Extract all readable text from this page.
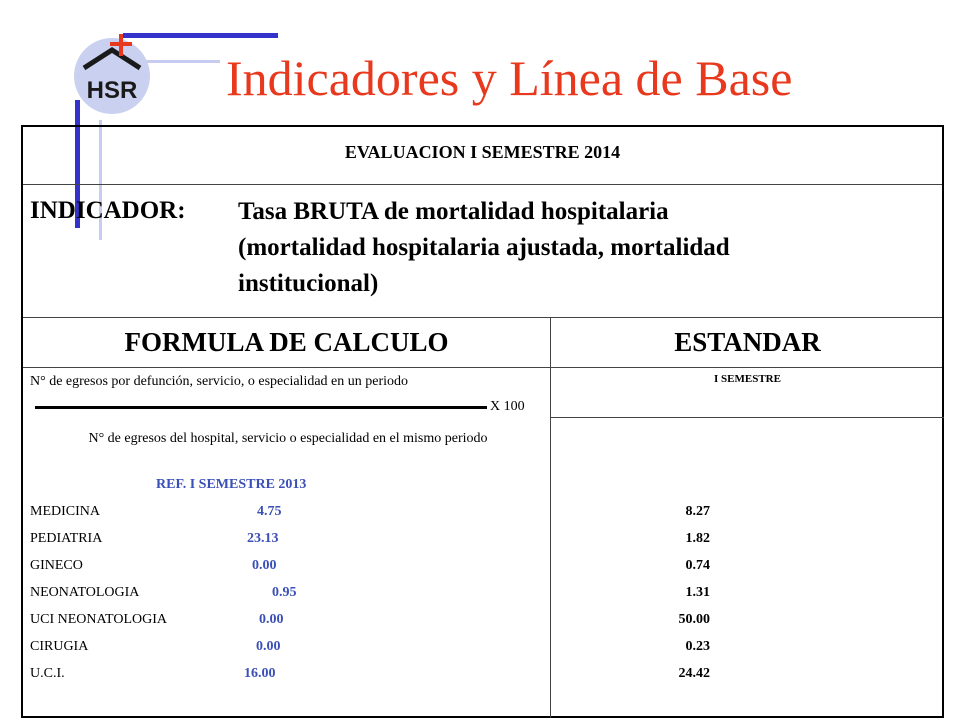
HSR Indicadores y Línea de Base
EVALUACION I SEMESTRE 2014
INDICADOR: Tasa BRUTA de mortalidad hospitalaria
(mortalidad hospitalaria ajustada, mortalidad
institucional)
FORMULA DE CALCULO	ESTANDAR
I SEMESTRE
N° de egresos por defunción, servicio, o especialidad en un periodo
X 100
N° de egresos del hospital, servicio o especialidad en el mismo periodo
REF. I SEMESTRE 2013
MEDICINA	4.75	8.27
PEDIATRIA	23.13	1.82
GINECO	0.00	0.74
NEONATOLOGIA	0.95	1.31
UCI NEONATOLOGIA	0.00	50.00
CIRUGIA	0.00	0.23
U.C.I.	16.00	24.42
